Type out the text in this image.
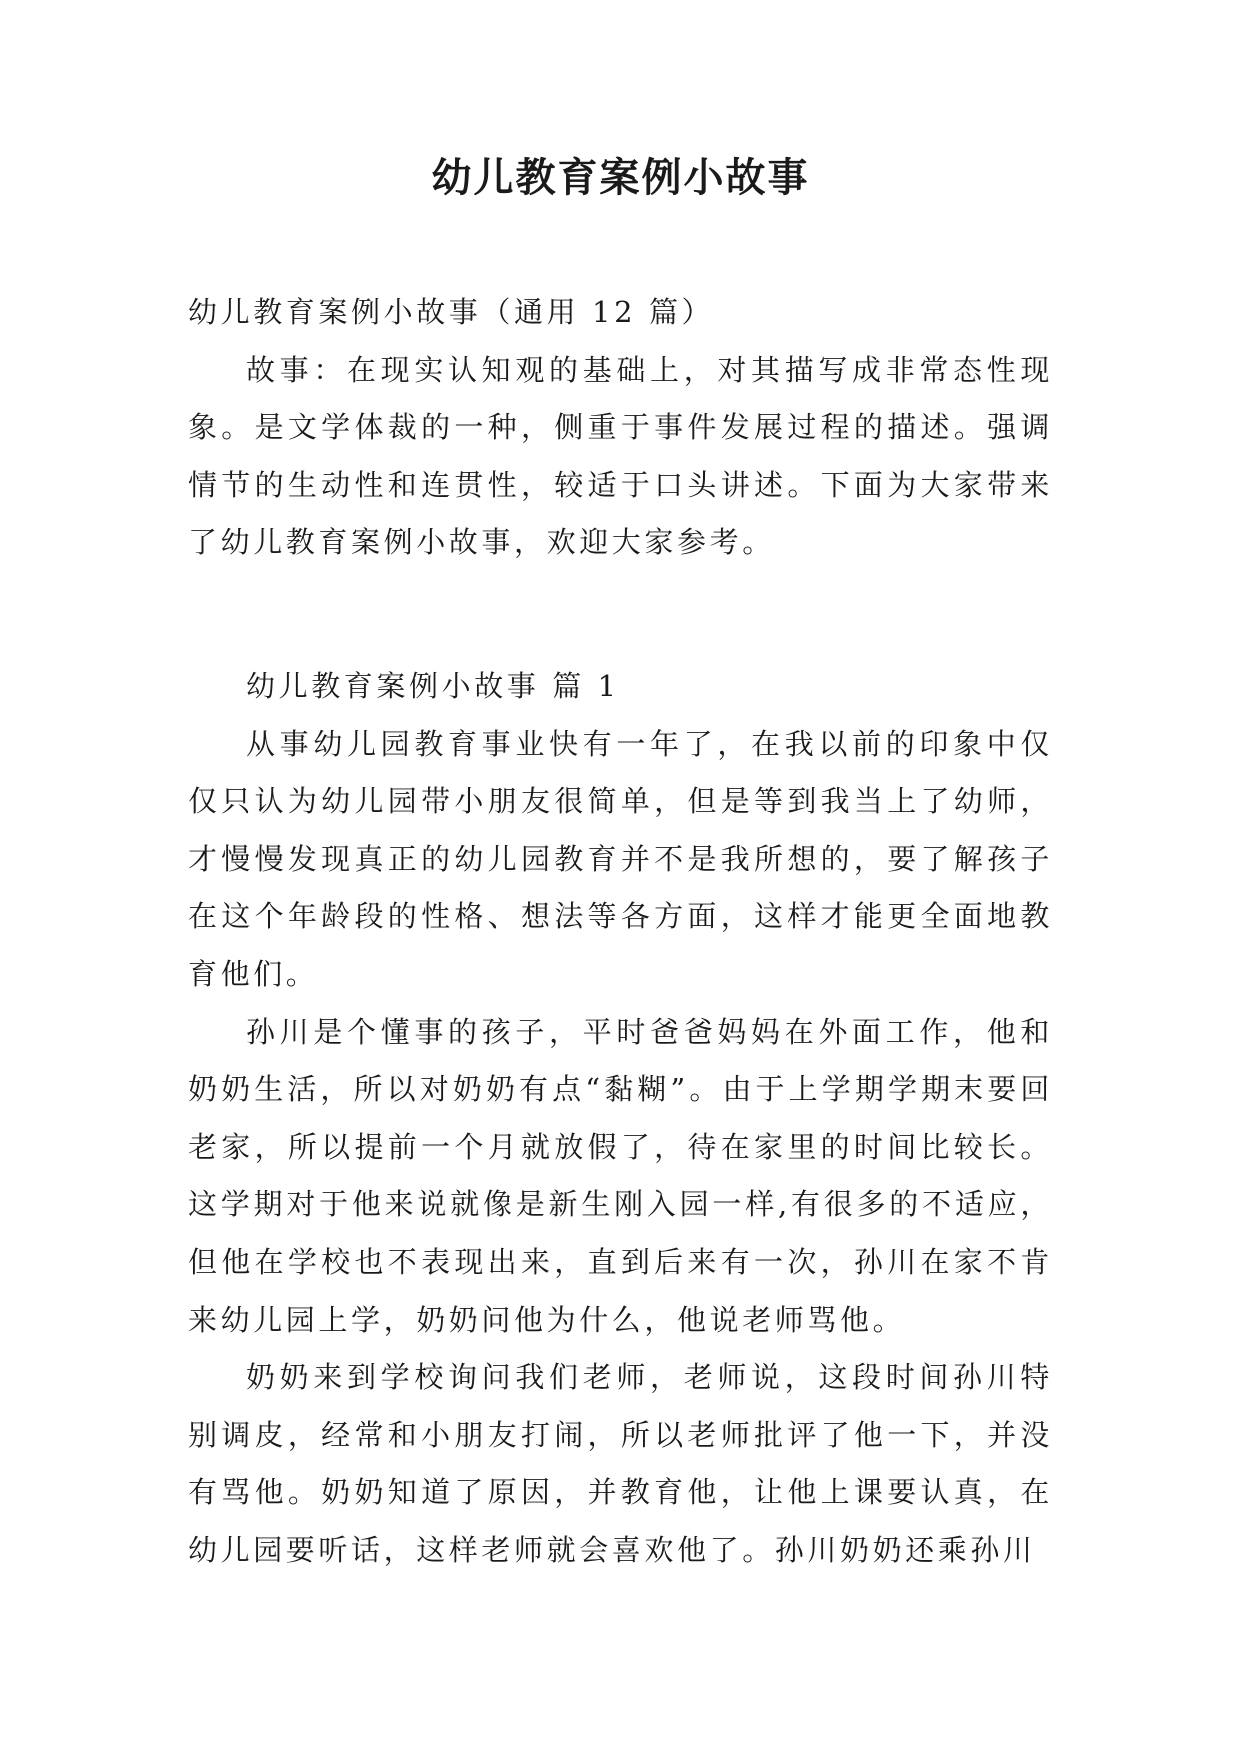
幼儿教育案例小故事

幼儿教育案例小故事（通用 12 篇）

故事：在现实认知观的基础上，对其描写成非常态性现象。是文学体裁的一种，侧重于事件发展过程的描述。强调情节的生动性和连贯性，较适于口头讲述。下面为大家带来了幼儿教育案例小故事，欢迎大家参考。

幼儿教育案例小故事 篇 1

从事幼儿园教育事业快有一年了，在我以前的印象中仅仅只认为幼儿园带小朋友很简单，但是等到我当上了幼师，才慢慢发现真正的幼儿园教育并不是我所想的，要了解孩子在这个年龄段的性格、想法等各方面，这样才能更全面地教育他们。

孙川是个懂事的孩子，平时爸爸妈妈在外面工作，他和奶奶生活，所以对奶奶有点“黏糊”。由于上学期学期末要回老家，所以提前一个月就放假了，待在家里的时间比较长。这学期对于他来说就像是新生刚入园一样,有很多的不适应，但他在学校也不表现出来，直到后来有一次，孙川在家不肯来幼儿园上学，奶奶问他为什么，他说老师骂他。

奶奶来到学校询问我们老师，老师说，这段时间孙川特别调皮，经常和小朋友打闹，所以老师批评了他一下，并没有骂他。奶奶知道了原因，并教育他，让他上课要认真，在幼儿园要听话，这样老师就会喜欢他了。孙川奶奶还乘孙川
